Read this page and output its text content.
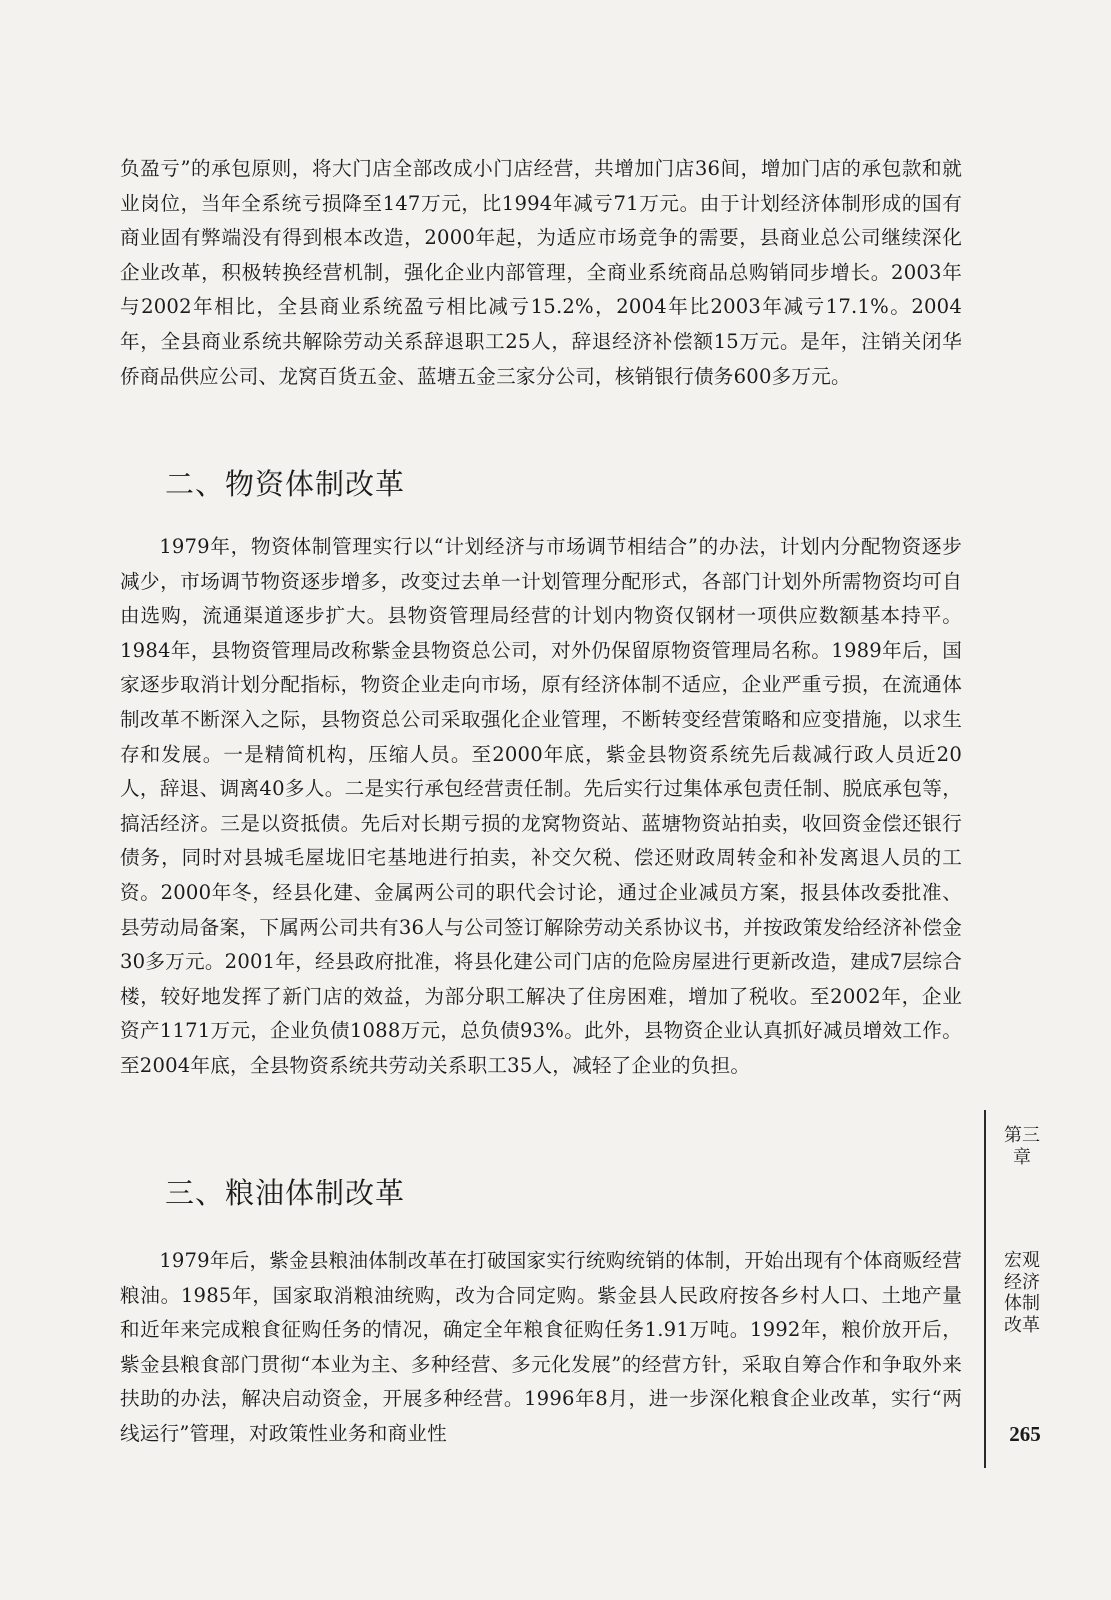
负盈亏”的承包原则，将大门店全部改成小门店经营，共增加门店36间，增加门店的承包款和就业岗位，当年全系统亏损降至147万元，比1994年减亏71万元。由于计划经济体制形成的国有商业固有弊端没有得到根本改造，2000年起，为适应市场竞争的需要，县商业总公司继续深化企业改革，积极转换经营机制，强化企业内部管理，全商业系统商品总购销同步增长。2003年与2002年相比，全县商业系统盈亏相比减亏15.2%，2004年比2003年减亏17.1%。2004年，全县商业系统共解除劳动关系辞退职工25人，辞退经济补偿额15万元。是年，注销关闭华侨商品供应公司、龙窝百货五金、蓝塘五金三家分公司，核销银行债务600多万元。

二、物资体制改革

1979年，物资体制管理实行以“计划经济与市场调节相结合”的办法，计划内分配物资逐步减少，市场调节物资逐步增多，改变过去单一计划管理分配形式，各部门计划外所需物资均可自由选购，流通渠道逐步扩大。县物资管理局经营的计划内物资仅钢材一项供应数额基本持平。1984年，县物资管理局改称紫金县物资总公司，对外仍保留原物资管理局名称。1989年后，国家逐步取消计划分配指标，物资企业走向市场，原有经济体制不适应，企业严重亏损，在流通体制改革不断深入之际，县物资总公司采取强化企业管理，不断转变经营策略和应变措施，以求生存和发展。一是精简机构，压缩人员。至2000年底，紫金县物资系统先后裁减行政人员近20人，辞退、调离40多人。二是实行承包经营责任制。先后实行过集体承包责任制、脱底承包等，搞活经济。三是以资抵债。先后对长期亏损的龙窝物资站、蓝塘物资站拍卖，收回资金偿还银行债务，同时对县城毛屋垅旧宅基地进行拍卖，补交欠税、偿还财政周转金和补发离退人员的工资。2000年冬，经县化建、金属两公司的职代会讨论，通过企业减员方案，报县体改委批准、县劳动局备案，下属两公司共有36人与公司签订解除劳动关系协议书，并按政策发给经济补偿金30多万元。2001年，经县政府批准，将县化建公司门店的危险房屋进行更新改造，建成7层综合楼，较好地发挥了新门店的效益，为部分职工解决了住房困难，增加了税收。至2002年，企业资产1171万元，企业负债1088万元，总负债93%。此外，县物资企业认真抓好减员增效工作。至2004年底，全县物资系统共劳动关系职工35人，减轻了企业的负担。

三、粮油体制改革

1979年后，紫金县粮油体制改革在打破国家实行统购统销的体制，开始出现有个体商贩经营粮油。1985年，国家取消粮油统购，改为合同定购。紫金县人民政府按各乡村人口、土地产量和近年来完成粮食征购任务的情况，确定全年粮食征购任务1.91万吨。1992年，粮价放开后，紫金县粮食部门贯彻“本业为主、多种经营、多元化发展”的经营方针，采取自筹合作和争取外来扶助的办法，解决启动资金，开展多种经营。1996年8月，进一步深化粮食企业改革，实行“两线运行”管理，对政策性业务和商业性

第三章
宏观经济体制改革
265
